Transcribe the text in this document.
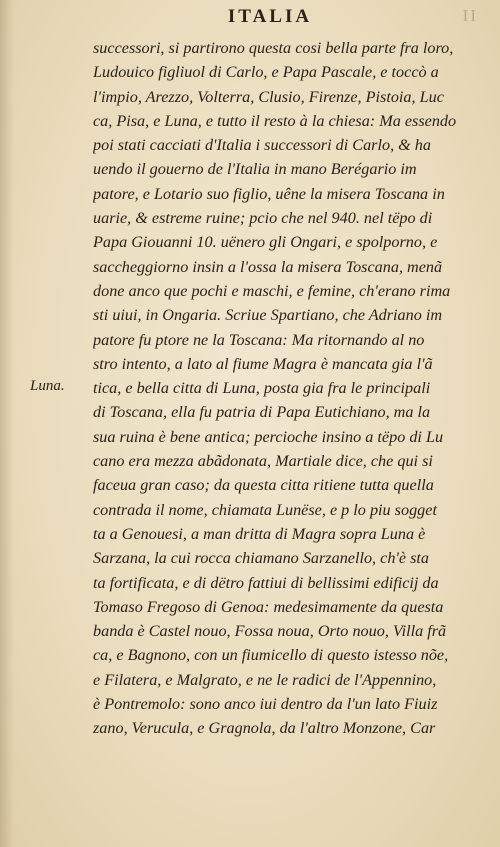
ITALIA	II
Luna.
successori, si partirono questa cosi bella parte fra loro,
Ludouico figliuol di Carlo, e Papa Pascale, e toccò a
l'impio, Arezzo, Volterra, Clusio, Firenze, Pistoia, Luc
ca, Pisa, e Luna, e tutto il resto à la chiesa: Ma essendo
poi stati cacciati d'Italia i successori di Carlo, & ha
uendo il gouerno de l'Italia in mano Berégario im
patore, e Lotario suo figlio, uêne la misera Toscana in
uarie, & estreme ruine; pcio che nel 940. nel tëpo di
Papa Giouanni 10. uënero gli Ongari, e spolporno, e
saccheggiorno insin a l'ossa la misera Toscana, menã
done anco que pochi e maschi, e femine, ch'erano rima
sti uiui, in Ongaria. Scriue Spartiano, che Adriano im
patore fu ptore ne la Toscana: Ma ritornando al no
stro intento, a lato al fiume Magra è mancata gia l'ã
tica, e bella citta di Luna, posta gia fra le principali
di Toscana, ella fu patria di Papa Eutichiano, ma la
sua ruina è bene antica; percioche insino a tëpo di Lu
cano era mezza abãdonata, Martiale dice, che qui si
faceua gran caso; da questa citta ritiene tutta quella
contrada il nome, chiamata Lunëse, e p lo piu sogget
ta a Genouesi, a man dritta di Magra sopra Luna è
Sarzana, la cui rocca chiamano Sarzanello, ch'è sta
ta fortificata, e di dëtro fattiui di bellissimi edificij da
Tomaso Fregoso di Genoa: medesimamente da questa
banda è Castel nouo, Fossa noua, Orto nouo, Villa frã
ca, e Bagnono, con un fiumicello di questo istesso nõe,
e Filatera, e Malgrato, e ne le radici de l'Appennino,
è Pontremolo: sono anco iui dentro da l'un lato Fiuiz
zano, Verucula, e Gragnola, da l'altro Monzone, Car
